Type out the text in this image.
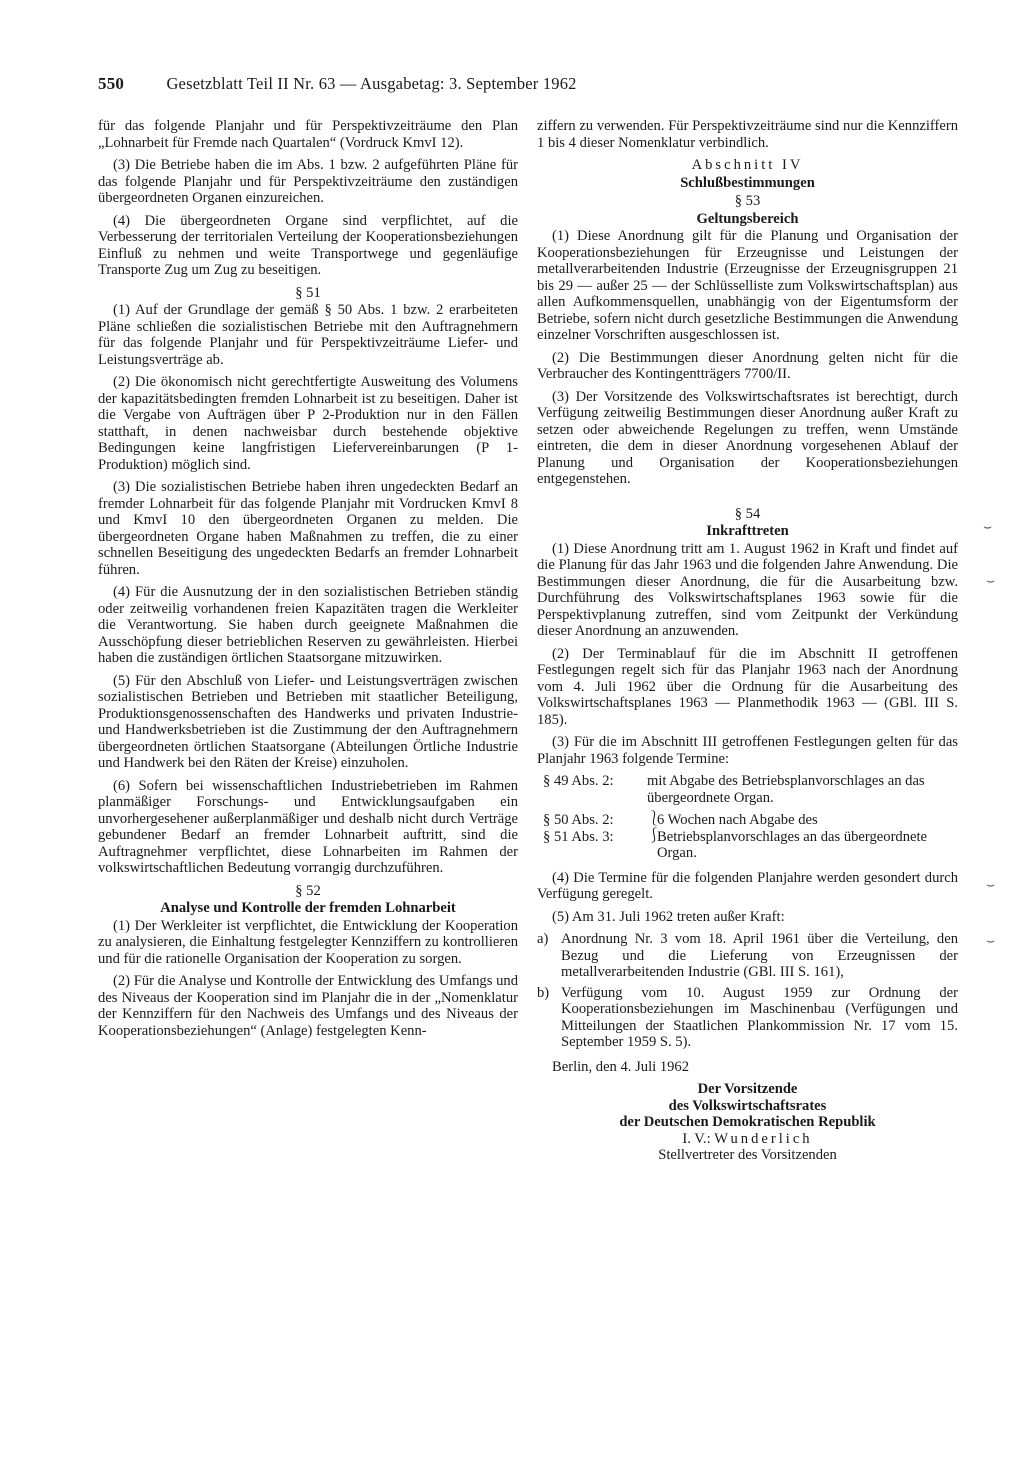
550	Gesetzblatt Teil II Nr. 63 — Ausgabetag: 3. September 1962

für das folgende Planjahr und für Perspektivzeiträume den Plan „Lohnarbeit für Fremde nach Quartalen“ (Vordruck KmvI 12).

(3) Die Betriebe haben die im Abs. 1 bzw. 2 aufgeführten Pläne für das folgende Planjahr und für Perspektivzeiträume den zuständigen übergeordneten Organen einzureichen.

(4) Die übergeordneten Organe sind verpflichtet, auf die Verbesserung der territorialen Verteilung der Kooperationsbeziehungen Einfluß zu nehmen und weite Transportwege und gegenläufige Transporte Zug um Zug zu beseitigen.

§ 51

(1) Auf der Grundlage der gemäß § 50 Abs. 1 bzw. 2 erarbeiteten Pläne schließen die sozialistischen Betriebe mit den Auftragnehmern für das folgende Planjahr und für Perspektivzeiträume Liefer- und Leistungsverträge ab.

(2) Die ökonomisch nicht gerechtfertigte Ausweitung des Volumens der kapazitätsbedingten fremden Lohnarbeit ist zu beseitigen. Daher ist die Vergabe von Aufträgen über P 2-Produktion nur in den Fällen statthaft, in denen nachweisbar durch bestehende objektive Bedingungen keine langfristigen Liefervereinbarungen (P 1-Produktion) möglich sind.

(3) Die sozialistischen Betriebe haben ihren ungedeckten Bedarf an fremder Lohnarbeit für das folgende Planjahr mit Vordrucken KmvI 8 und KmvI 10 den übergeordneten Organen zu melden. Die übergeordneten Organe haben Maßnahmen zu treffen, die zu einer schnellen Beseitigung des ungedeckten Bedarfs an fremder Lohnarbeit führen.

(4) Für die Ausnutzung der in den sozialistischen Betrieben ständig oder zeitweilig vorhandenen freien Kapazitäten tragen die Werkleiter die Verantwortung. Sie haben durch geeignete Maßnahmen die Ausschöpfung dieser betrieblichen Reserven zu gewährleisten. Hierbei haben die zuständigen örtlichen Staatsorgane mitzuwirken.

(5) Für den Abschluß von Liefer- und Leistungsverträgen zwischen sozialistischen Betrieben und Betrieben mit staatlicher Beteiligung, Produktionsgenossenschaften des Handwerks und privaten Industrie- und Handwerksbetrieben ist die Zustimmung der den Auftragnehmern übergeordneten örtlichen Staatsorgane (Abteilungen Örtliche Industrie und Handwerk bei den Räten der Kreise) einzuholen.

(6) Sofern bei wissenschaftlichen Industriebetrieben im Rahmen planmäßiger Forschungs- und Entwicklungsaufgaben ein unvorhergesehener außerplanmäßiger und deshalb nicht durch Verträge gebundener Bedarf an fremder Lohnarbeit auftritt, sind die Auftragnehmer verpflichtet, diese Lohnarbeiten im Rahmen der volkswirtschaftlichen Bedeutung vorrangig durchzuführen.

§ 52
Analyse und Kontrolle der fremden Lohnarbeit

(1) Der Werkleiter ist verpflichtet, die Entwicklung der Kooperation zu analysieren, die Einhaltung festgelegter Kennziffern zu kontrollieren und für die rationelle Organisation der Kooperation zu sorgen.

(2) Für die Analyse und Kontrolle der Entwicklung des Umfangs und des Niveaus der Kooperation sind im Planjahr die in der „Nomenklatur der Kennziffern für den Nachweis des Umfangs und des Niveaus der Kooperationsbeziehungen“ (Anlage) festgelegten Kenn-

ziffern zu verwenden. Für Perspektivzeiträume sind nur die Kennziffern 1 bis 4 dieser Nomenklatur verbindlich.

Abschnitt IV
Schlußbestimmungen
§ 53
Geltungsbereich

(1) Diese Anordnung gilt für die Planung und Organisation der Kooperationsbeziehungen für Erzeugnisse und Leistungen der metallverarbeitenden Industrie (Erzeugnisse der Erzeugnisgruppen 21 bis 29 — außer 25 — der Schlüsselliste zum Volkswirtschaftsplan) aus allen Aufkommensquellen, unabhängig von der Eigentumsform der Betriebe, sofern nicht durch gesetzliche Bestimmungen die Anwendung einzelner Vorschriften ausgeschlossen ist.

(2) Die Bestimmungen dieser Anordnung gelten nicht für die Verbraucher des Kontingentträgers 7700/II.

(3) Der Vorsitzende des Volkswirtschaftsrates ist berechtigt, durch Verfügung zeitweilig Bestimmungen dieser Anordnung außer Kraft zu setzen oder abweichende Regelungen zu treffen, wenn Umstände eintreten, die dem in dieser Anordnung vorgesehenen Ablauf der Planung und Organisation der Kooperationsbeziehungen entgegenstehen.

§ 54
Inkrafttreten

(1) Diese Anordnung tritt am 1. August 1962 in Kraft und findet auf die Planung für das Jahr 1963 und die folgenden Jahre Anwendung. Die Bestimmungen dieser Anordnung, die für die Ausarbeitung bzw. Durchführung des Volkswirtschaftsplanes 1963 sowie für die Perspektivplanung zutreffen, sind vom Zeitpunkt der Verkündung dieser Anordnung an anzuwenden.

(2) Der Terminablauf für die im Abschnitt II getroffenen Festlegungen regelt sich für das Planjahr 1963 nach der Anordnung vom 4. Juli 1962 über die Ordnung für die Ausarbeitung des Volkswirtschaftsplanes 1963 — Planmethodik 1963 — (GBl. III S. 185).

(3) Für die im Abschnitt III getroffenen Festlegungen gelten für das Planjahr 1963 folgende Termine:

§ 49 Abs. 2:	mit Abgabe des Betriebsplanvorschlages an das übergeordnete Organ.
§ 50 Abs. 2:
§ 51 Abs. 3:
⎱
⎰
6 Wochen nach Abgabe des Betriebsplanvorschlages an das übergeordnete Organ.

(4) Die Termine für die folgenden Planjahre werden gesondert durch Verfügung geregelt.

(5) Am 31. Juli 1962 treten außer Kraft:

a) Anordnung Nr. 3 vom 18. April 1961 über die Verteilung, den Bezug und die Lieferung von Erzeugnissen der metallverarbeitenden Industrie (GBl. III S. 161),
b) Verfügung vom 10. August 1959 zur Ordnung der Kooperationsbeziehungen im Maschinenbau (Verfügungen und Mitteilungen der Staatlichen Plankommission Nr. 17 vom 15. September 1959 S. 5).

Berlin, den 4. Juli 1962

Der Vorsitzende
des Volkswirtschaftsrates
der Deutschen Demokratischen Republik
I. V.: Wunderlich
Stellvertreter des Vorsitzenden
⌣
⌣
⌣
⌣
